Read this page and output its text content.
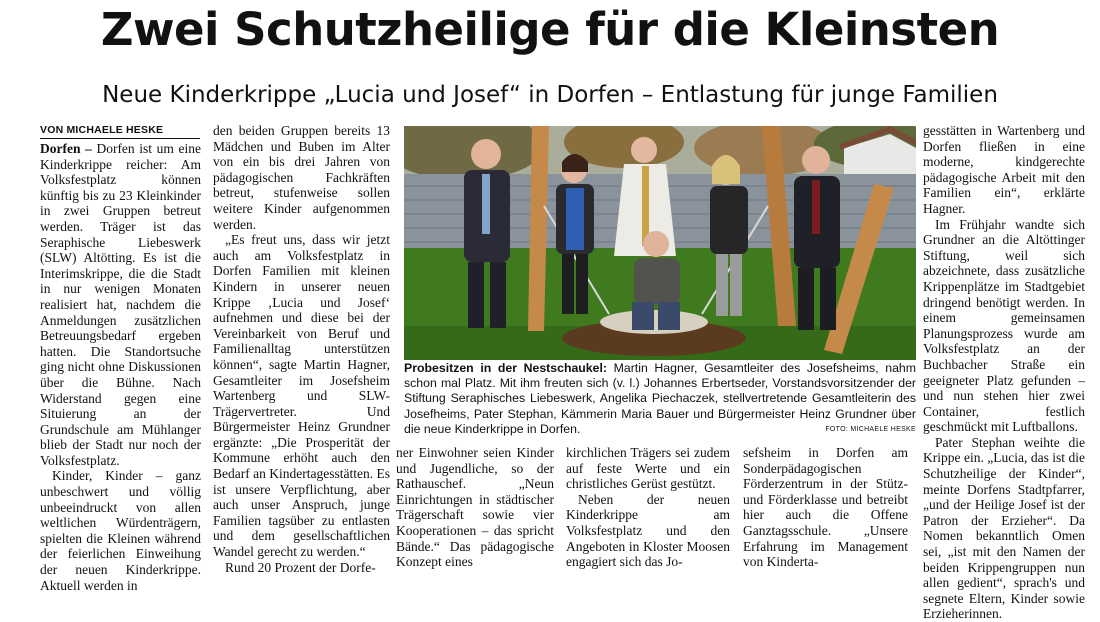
Zwei Schutzheilige für die Kleinsten
Neue Kinderkrippe „Lucia und Josef“ in Dorfen – Entlastung für junge Familien
VON MICHAELE HESKE

Dorfen – Dorfen ist um eine Kinderkrippe reicher: Am Volksfestplatz können künftig bis zu 23 Kleinkinder in zwei Gruppen betreut werden. Träger ist das Seraphische Liebeswerk (SLW) Altötting. Es ist die Interimskrippe, die die Stadt in nur wenigen Monaten realisiert hat, nachdem die Anmeldungen zusätzlichen Betreuungsbedarf ergeben hatten. Die Standortsuche ging nicht ohne Diskussionen über die Bühne. Nach Widerstand gegen eine Situierung an der Grundschule am Mühlanger blieb der Stadt nur noch der Volksfestplatz.

Kinder, Kinder – ganz unbeschwert und völlig unbeeindruckt von allen weltlichen Würdenträgern, spielten die Kleinen während der feierlichen Einweihung der neuen Kinderkrippe. Aktuell werden in

den beiden Gruppen bereits 13 Mädchen und Buben im Alter von ein bis drei Jahren von pädagogischen Fachkräften betreut, stufenweise sollen weitere Kinder aufgenommen werden.

„Es freut uns, dass wir jetzt auch am Volksfestplatz in Dorfen Familien mit kleinen Kindern in unserer neuen Krippe ‚Lucia und Josef‘ aufnehmen und diese bei der Vereinbarkeit von Beruf und Familienalltag unterstützen können“, sagte Martin Hagner, Gesamtleiter im Josefsheim Wartenberg und SLW-Trägervertreter. Und Bürgermeister Heinz Grundner ergänzte: „Die Prosperität der Kommune erhöht auch den Bedarf an Kindertagesstätten. Es ist unsere Verpflichtung, aber auch unser Anspruch, junge Familien tagsüber zu entlasten und dem gesellschaftlichen Wandel gerecht zu werden.“

Rund 20 Prozent der Dorfe-

Probesitzen in der Nestschaukel: Martin Hagner, Gesamtleiter des Josefsheims, nahm schon mal Platz. Mit ihm freuten sich (v. l.) Johannes Erbertseder, Vorstandsvorsitzender der Stiftung Seraphisches Liebeswerk, Angelika Piechaczek, stellvertretende Gesamtleiterin des Josefheims, Pater Stephan, Kämmerin Maria Bauer und Bürgermeister Heinz Grundner über die neue Kinderkrippe in Dorfen.	FOTO: MICHAELE HESKE

ner Einwohner seien Kinder und Jugendliche, so der Rathauschef. „Neun Einrichtungen in städtischer Trägerschaft sowie vier Kooperationen – das spricht Bände.“ Das pädagogische Konzept eines

kirchlichen Trägers sei zudem auf feste Werte und ein christliches Gerüst gestützt.

Neben der neuen Kinderkrippe am Volksfestplatz und den Angeboten in Kloster Moosen engagiert sich das Jo-

sefsheim in Dorfen am Sonderpädagogischen Förderzentrum in der Stütz- und Förderklasse und betreibt hier auch die Offene Ganztagsschule. „Unsere Erfahrung im Management von Kinderta-

gesstätten in Wartenberg und Dorfen fließen in eine moderne, kindgerechte pädagogische Arbeit mit den Familien ein“, erklärte Hagner.

Im Frühjahr wandte sich Grundner an die Altöttinger Stiftung, weil sich abzeichnete, dass zusätzliche Krippenplätze im Stadtgebiet dringend benötigt werden. In einem gemeinsamen Planungsprozess wurde am Volksfestplatz an der Buchbacher Straße ein geeigneter Platz gefunden – und nun stehen hier zwei Container, festlich geschmückt mit Luftballons.

Pater Stephan weihte die Krippe ein. „Lucia, das ist die Schutzheilige der Kinder“, meinte Dorfens Stadtpfarrer, „und der Heilige Josef ist der Patron der Erzieher“. Da Nomen bekanntlich Omen sei, „ist mit den Namen der beiden Krippengruppen nun allen gedient“, sprach's und segnete Eltern, Kinder sowie Erzieherinnen.
